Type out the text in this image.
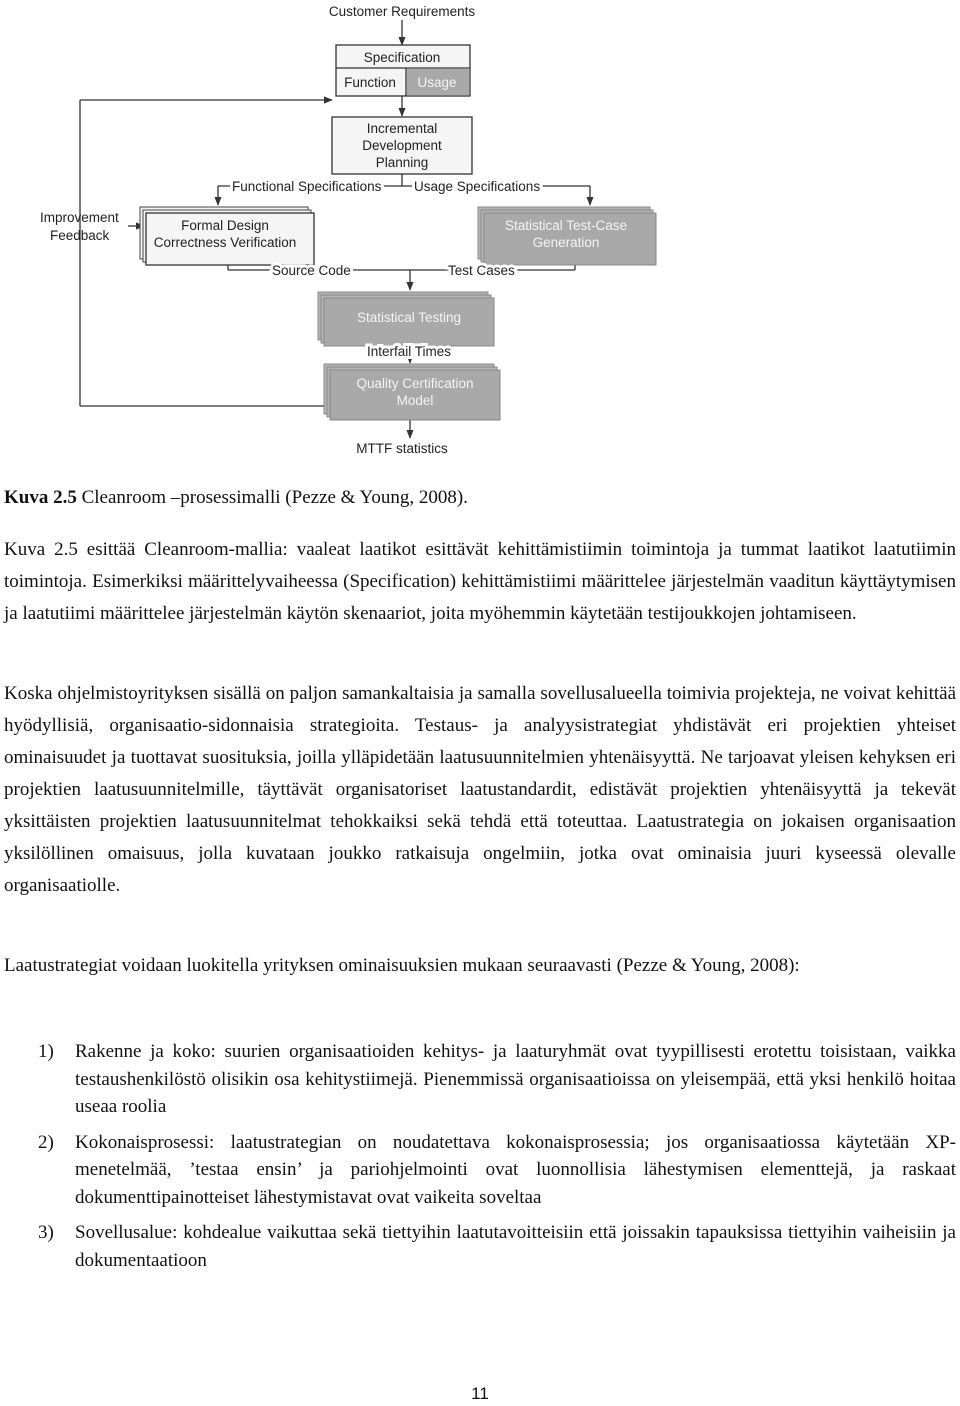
Specification
Function Usage
Incremental
Development
Planning
Functional Specifications Usage Specifications
Formal Design
Correctness Verification
Statistical Test-Case
Generation
Improvement
Feedback
Source Code	Test Cases
Statistical Testing
Interfail Times
Quality Certification
Model
Customer Requirements
MTTF statistics
Kuva 2.5 Cleanroom –prosessimalli (Pezze & Young, 2008).
Kuva 2.5 esittää Cleanroom-mallia: vaaleat laatikot esittävät kehittämistiimin toimintoja ja tummat laatikot laatutiimin toimintoja. Esimerkiksi määrittelyvaiheessa (Specification) kehittämistiimi määrittelee järjestelmän vaaditun käyttäytymisen ja laatutiimi määrittelee järjestelmän käytön skenaariot, joita myöhemmin käytetään testijoukkojen johtamiseen.
Koska ohjelmistoyrityksen sisällä on paljon samankaltaisia ja samalla sovellusalueella toimivia projekteja, ne voivat kehittää hyödyllisiä, organisaatio-sidonnaisia strategioita. Testaus- ja analyysistrategiat yhdistävät eri projektien yhteiset ominaisuudet ja tuottavat suosituksia, joilla ylläpidetään laatusuunnitelmien yhtenäisyyttä. Ne tarjoavat yleisen kehyksen eri projektien laatusuunnitelmille, täyttävät organisatoriset laatustandardit, edistävät projektien yhtenäisyyttä ja tekevät yksittäisten projektien laatusuunnitelmat tehokkaiksi sekä tehdä että toteuttaa. Laatustrategia on jokaisen organisaation yksilöllinen omaisuus, jolla kuvataan joukko ratkaisuja ongelmiin, jotka ovat ominaisia juuri kyseessä olevalle organisaatiolle.
Laatustrategiat voidaan luokitella yrityksen ominaisuuksien mukaan seuraavasti (Pezze & Young, 2008):
1) Rakenne ja koko: suurien organisaatioiden kehitys- ja laaturyhmät ovat tyypillisesti erotettu toisistaan, vaikka testaushenkilöstö olisikin osa kehitystiimejä. Pienemmissä organisaatioissa on yleisempää, että yksi henkilö hoitaa useaa roolia
2) Kokonaisprosessi: laatustrategian on noudatettava kokonaisprosessia; jos organisaatiossa käytetään XP-menetelmää, ’testaa ensin’ ja pariohjelmointi ovat luonnollisia lähestymisen elementtejä, ja raskaat dokumenttipainotteiset lähestymistavat ovat vaikeita soveltaa
3) Sovellusalue: kohdealue vaikuttaa sekä tiettyihin laatutavoitteisiin että joissakin tapauksissa tiettyihin vaiheisiin ja dokumentaatioon
11
